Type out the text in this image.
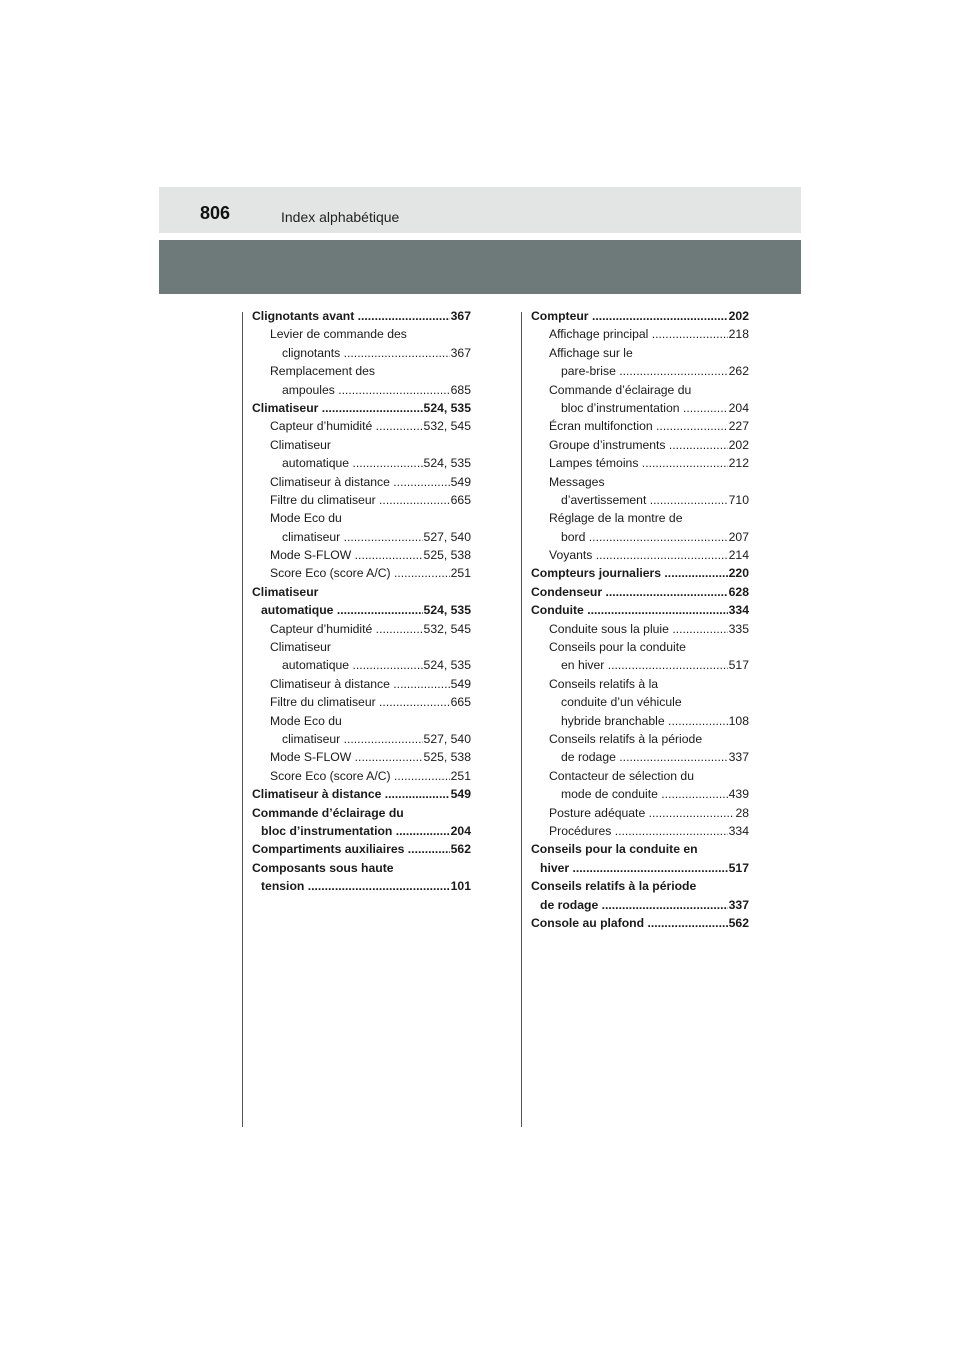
806	Index alphabétique
Clignotants avant .....	367
Levier de commande des
clignotants .....	367
Remplacement des
ampoules .....	685
Climatiseur .....	524, 535
Capteur d’humidité .....	532, 545
Climatiseur
automatique .....	524, 535
Climatiseur à distance .....	549
Filtre du climatiseur .....	665
Mode Eco du
climatiseur .....	527, 540
Mode S-FLOW .....	525, 538
Score Eco (score A/C) .....	251
Climatiseur
automatique .....	524, 535
Capteur d’humidité .....	532, 545
Climatiseur
automatique .....	524, 535
Climatiseur à distance .....	549
Filtre du climatiseur .....	665
Mode Eco du
climatiseur .....	527, 540
Mode S-FLOW .....	525, 538
Score Eco (score A/C) .....	251
Climatiseur à distance .....	549
Commande d’éclairage du
bloc d’instrumentation .....	204
Compartiments auxiliaires .....	562
Composants sous haute
tension .....	101
Compteur .....	202
Affichage principal .....	218
Affichage sur le
pare-brise .....	262
Commande d’éclairage du
bloc d’instrumentation .....	204
Écran multifonction .....	227
Groupe d’instruments .....	202
Lampes témoins .....	212
Messages
d’avertissement .....	710
Réglage de la montre de
bord .....	207
Voyants .....	214
Compteurs journaliers .....	220
Condenseur .....	628
Conduite .....	334
Conduite sous la pluie .....	335
Conseils pour la conduite
en hiver .....	517
Conseils relatifs à la
conduite d’un véhicule
hybride branchable .....	108
Conseils relatifs à la période
de rodage .....	337
Contacteur de sélection du
mode de conduite .....	439
Posture adéquate .....	28
Procédures .....	334
Conseils pour la conduite en
hiver .....	517
Conseils relatifs à la période
de rodage .....	337
Console au plafond .....	562
